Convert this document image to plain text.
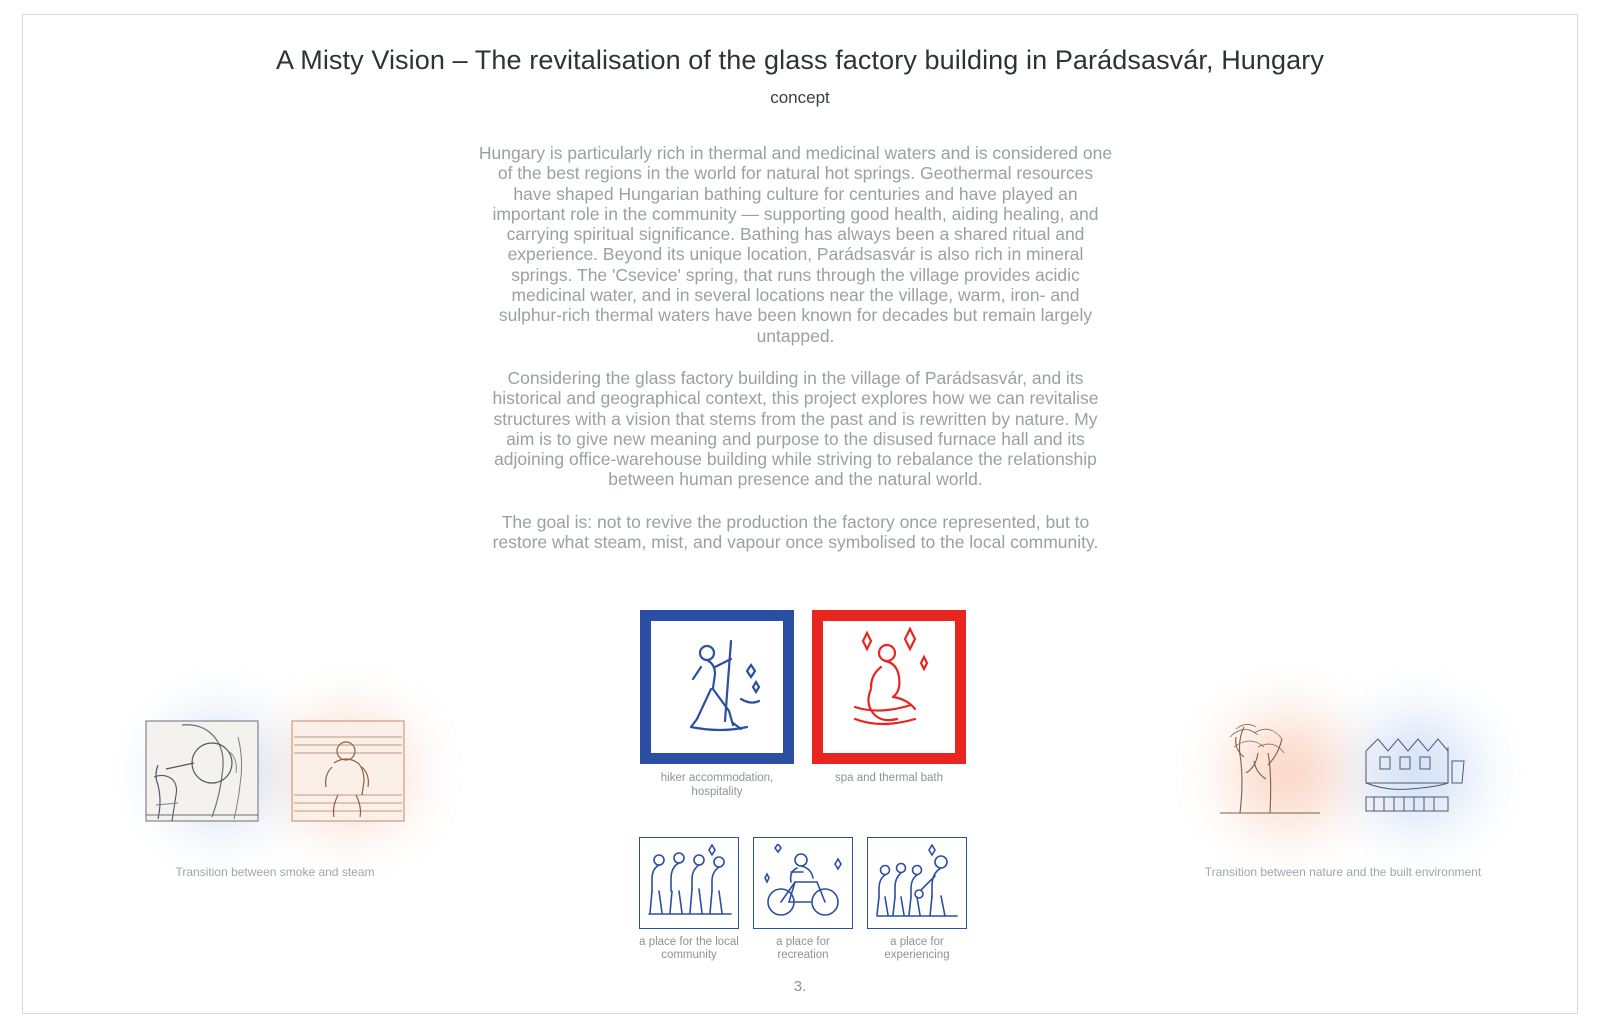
A Misty Vision – The revitalisation of the glass factory building in Parádsasvár, Hungary
concept

Hungary is particularly rich in thermal and medicinal waters and is considered one of the best regions in the world for natural hot springs. Geothermal resources have shaped Hungarian bathing culture for centuries and have played an important role in the community — supporting good health, aiding healing, and carrying spiritual significance. Bathing has always been a shared ritual and experience. Beyond its unique location, Parádsasvár is also rich in mineral springs. The 'Csevice' spring, that runs through the village provides acidic medicinal water, and in several locations near the village, warm, iron- and sulphur-rich thermal waters have been known for decades but remain largely untapped.

Considering the glass factory building in the village of Parádsasvár, and its historical and geographical context, this project explores how we can revitalise structures with a vision that stems from the past and is rewritten by nature. My aim is to give new meaning and purpose to the disused furnace hall and its adjoining office-warehouse building while striving to rebalance the relationship between human presence and the natural world.

The goal is: not to revive the production the factory once represented, but to restore what steam, mist, and vapour once symbolised to the local community.

Transition between smoke and steam	Transition between nature and the built environment
hiker accommodation, hospitality
spa and thermal bath
a place for the local community
a place for recreation
a place for experiencing
3.
